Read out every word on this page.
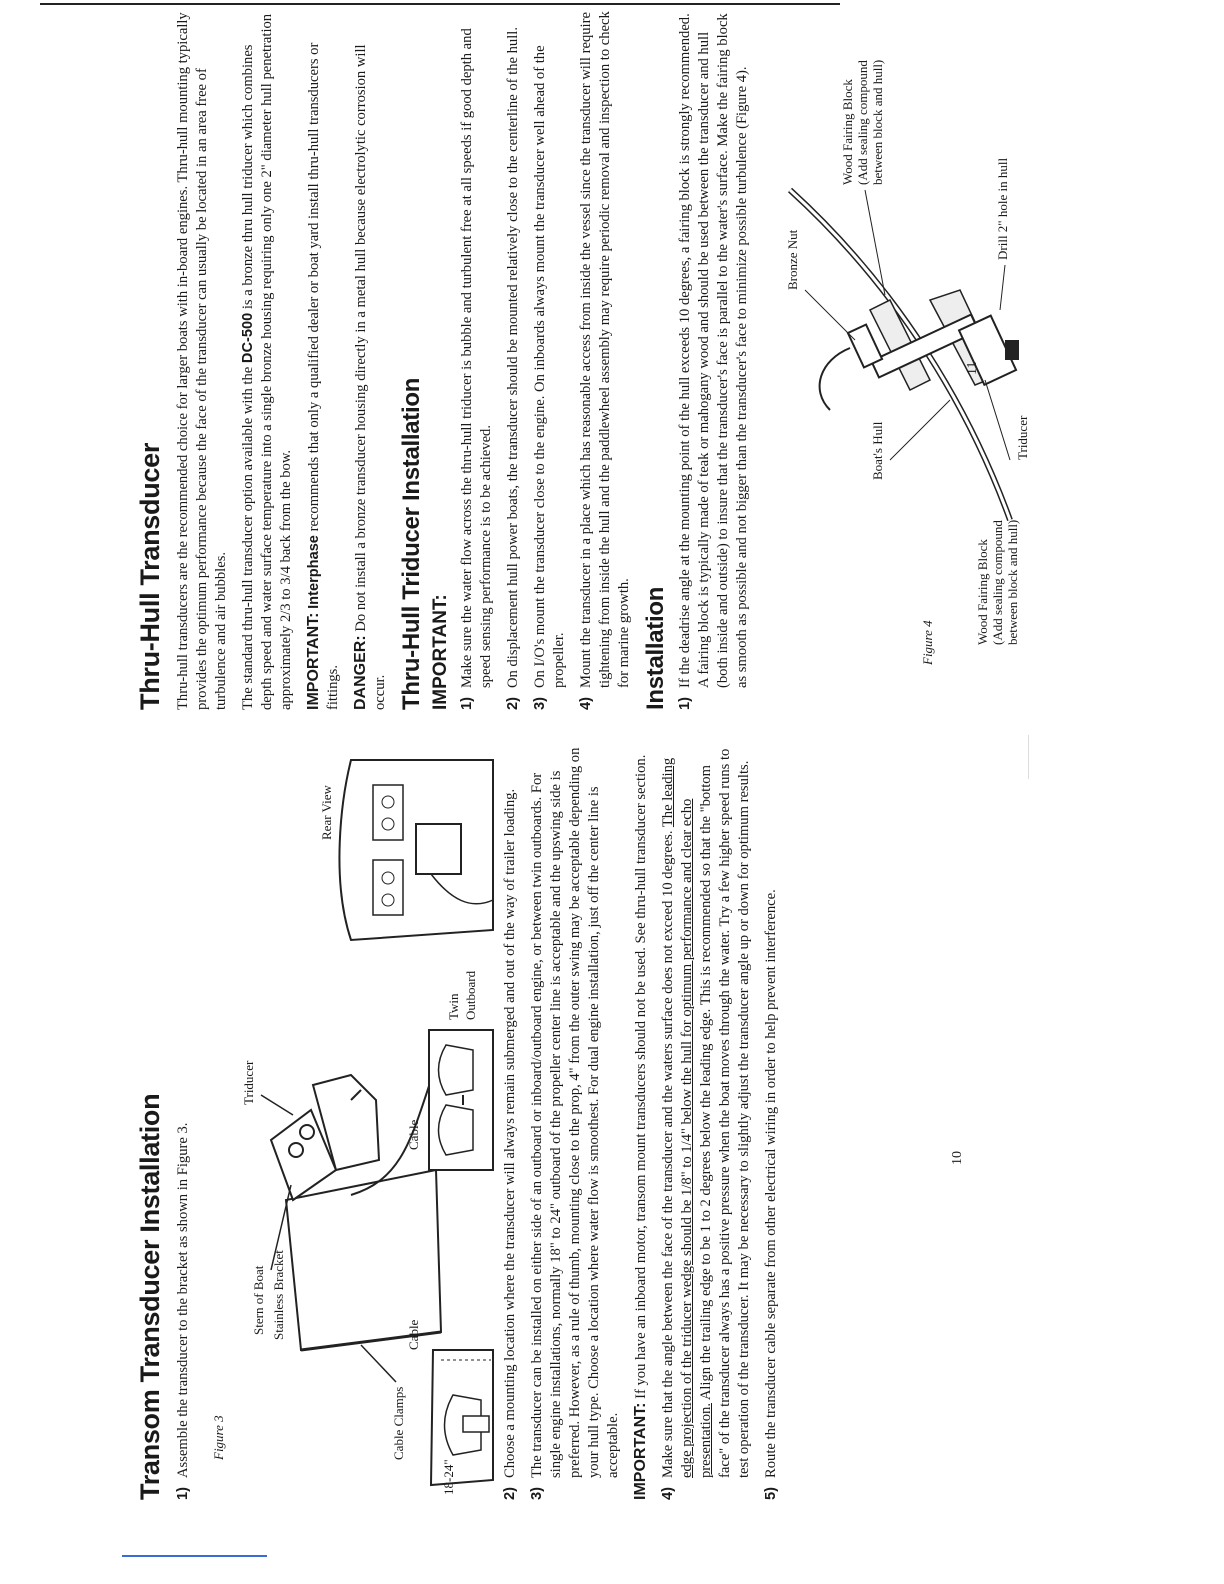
Transom Transducer Installation 1)
Assemble the transducer to the bracket as shown in Figure 3. Figure 3
Stern of Boat Stainless Bracket
Triducer
Cable Clamps
Cable
Cable
18-24"
Twin Outboard
Rear View
2)
Choose a mounting location where the transducer will always remain submerged and out of the way of trailer loading.
3)
The transducer can be installed on either side of an outboard or inboard/outboard engine, or between twin outboards. For single engine installations, normally 18" to 24" outboard of the propeller center line is acceptable and the upswing side is preferred. However, as a rule of thumb, mounting close to the prop, 4" from the outer swing may be acceptable depending on your hull type. Choose a location where water flow is smoothest. For dual engine installation, just off the center line is acceptable. IMPORTANT: If you have an inboard motor, transom mount transducers should not be used. See thru-hull transducer section.

4)
Make sure that the angle between the face of the transducer and the waters surface does not exceed 10 degrees. The leading edge projection of the triducer wedge should be 1/8" to 1/4" below the hull for optimum performance and clear echo presentation. Align the trailing edge to be 1 to 2 degrees below the leading edge. This is recommended so that the "bottom face" of the transducer always has a positive pressure when the boat moves through the water. Try a few higher speed runs to test operation of the transducer. It may be necessary to slightly adjust the transducer angle up or down for optimum results.
5)
Route the transducer cable separate from other electrical wiring in order to help prevent interference.	10
Thru-Hull Transducer Thru-hull transducers are the recommended choice for larger boats with in-board engines. Thru-hull mounting typically provides the optimum performance because the face of the transducer can usually be located in an area free of turbulence and air bubbles. The standard thru-hull transducer option available with the DC-500 is a bronze thru hull triducer which combines depth speed and water surface temperature into a single bronze housing requiring only one 2" diameter hull penetration approximately 2/3 to 3/4 back from the bow. IMPORTANT: Interphase recommends that only a qualified dealer or boat yard install thru-hull transducers or fittings. DANGER: Do not install a bronze transducer housing directly in a metal hull because electrolytic corrosion will occur. Thru-Hull Triducer Installation IMPORTANT: 1)
Make sure the water flow across the thru-hull triducer is bubble and turbulent free at all speeds if good depth and speed sensing performance is to be achieved.
2)
On displacement hull power boats, the transducer should be mounted relatively close to the centerline of the hull.
3)
On I/O's mount the transducer close to the engine. On inboards always mount the transducer well ahead of the propeller.
4)
Mount the transducer in a place which has reasonable access from inside the vessel since the transducer will require tightening from inside the hull and the paddlewheel assembly may require periodic removal and inspection to check for marine growth. Installation 1)
If the deadrise angle at the mounting point of the hull exceeds 10 degrees, a fairing block is strongly recommended. A fairing block is typically made of teak or mahogany wood and should be used between the transducer and hull (both inside and outside) to insure that the transducer's face is parallel to the water's surface. Make the fairing block as smooth as possible and not bigger than the transducer's face to minimize possible turbulence (Figure 4).	Figure 4
Boat's Hull
Bronze Nut
Wood Fairing Block (Add sealing compound between block and hull)
Wood Fairing Block (Add sealing compound between block and hull)
Triducer
Drill 2" hole in hull
11
